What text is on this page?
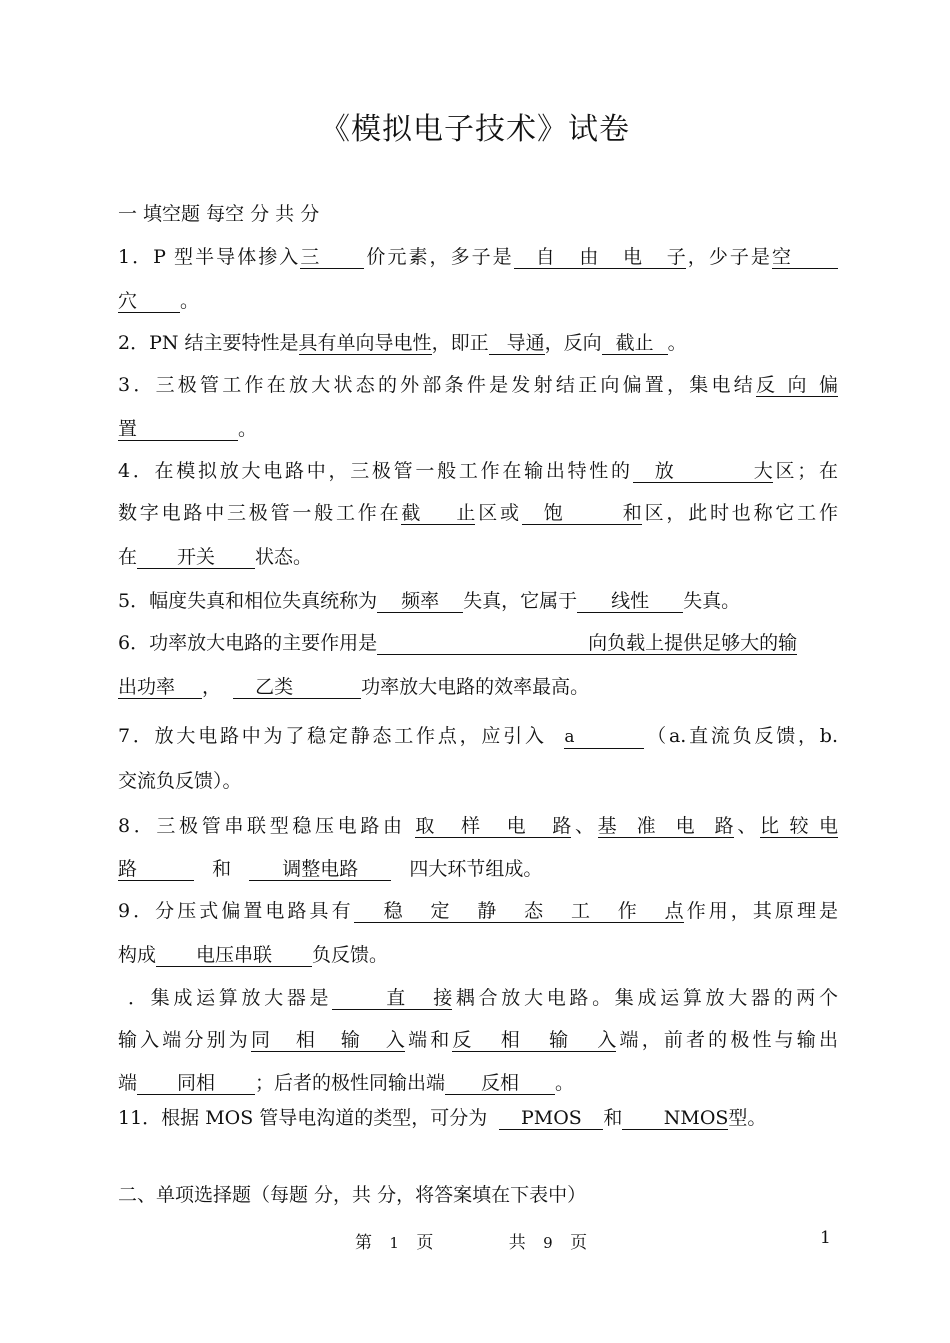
《模拟电子技术》试卷
一 填空题 每空 分 共 分
1．P 型半导体掺入三 价元素，多子是 自由电子，少子是空
穴 。
2．PN 结主要特性是具有单向导电性，即正 导通，反向 截止 。
3．三极管工作在放大状态的外部条件是发射结正向偏置，集电结反向偏
置	。
4．在模拟放大电路中，三极管一般工作在输出特性的 放大区；在
数字电路中三极管一般工作在截止区或 饱和区，此时也称它工作
在 开关 状态。
5．幅度失真和相位失真统称为 频率 失真，它属于 线性 失真。
6．功率放大电路的主要作用是	向负载上提供足够大的输
出功率 ， 乙类	功率放大电路的效率最高。
7．放大电路中为了稳定静态工作点，应引入 a	（a.直流负反馈，b.
交流负反馈）。
8．三极管串联型稳压电路由 取样电路、基准电路、比较电
路	和	调整电路	四大环节组成。
9．分压式偏置电路具有 稳定静态工作点作用，其原理是
构成 电压串联 负反馈。
．集成运算放大器是	直接耦合放大电路。集成运算放大器的两个
输入端分别为同相输入端和反相输入端，前者的极性与输出
端 同相 ；后者的极性同输出端 反相 。
11．根据 MOS 管导电沟道的类型，可分为 PMOS 和 NMOS型。
二、单项选择题（每题 分，共 分，将答案填在下表中）
第 1 页	共 9 页	1
